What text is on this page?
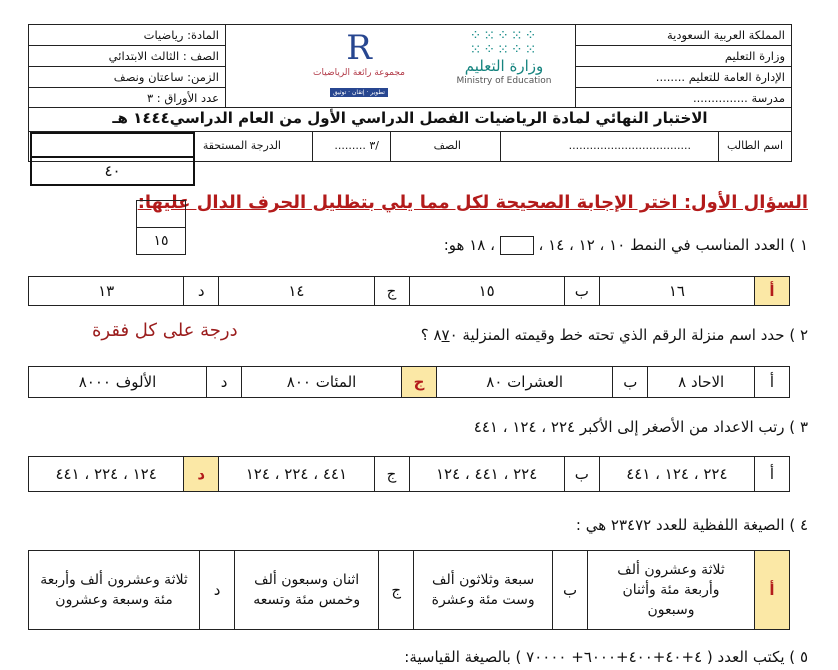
المملكة العربية السعودية
وزارة التعليم
الإدارة العامة للتعليم ........
مدرسة ...............
⁘⁙⁘⁙⁘
⁙⁘⁙⁘⁙
وزارة التعليم
Ministry of Education
R
مجموعة رائعة الرياضيات
تطوير · إتقان · توثيق
المادة: رياضيات
الصف : الثالث الابتدائي
الزمن: ساعتان ونصف
عدد الأوراق : ٣
الاختبار النهائي لمادة الرياضيات الفصل الدراسي الأول من العام الدراسي١٤٤٤ هـ
اسم الطالب
...................................
الصف
/٣ .........
الدرجة المستحقة
٤٠
السؤال الأول: اختر الإجابة الصحيحة لكل مما يلي بتظليل الحرف الدال عليها:
١٥	١ ) العدد المناسب في النمط ١٠ ، ١٢ ، ١٤ ،  ، ١٨ هو:
أ	١٦	ب	١٥	ج	١٤	د	١٣
٢ ) حدد اسم منزلة الرقم الذي تحته خط وقيمته المنزلية ٨٧٠ ؟
درجة على كل فقرة
أ	الاحاد ٨	ب	العشرات ٨٠	ج	المئات ٨٠٠	د	الألوف ٨٠٠٠
٣ ) رتب الاعداد من الأصغر إلى الأكبر ٢٢٤ ، ١٢٤ ، ٤٤١
أ	٢٢٤ ، ١٢٤ ، ٤٤١	ب	٢٢٤ ، ٤٤١ ، ١٢٤	ج	٤٤١ ، ٢٢٤ ، ١٢٤	د	١٢٤ ، ٢٢٤ ، ٤٤١
٤ ) الصيغة اللفظية للعدد ٢٣٤٧٢ هي :
أ	ثلاثة وعشرون ألف وأربعة مئة وأثنان وسبعون	ب	سبعة وثلاثون ألف وست مئة وعشرة	ج	اثنان وسبعون ألف وخمس مئة وتسعه	د	ثلاثة وعشرون ألف وأربعة مئة وسبعة وعشرون
٥ ) يكتب العدد ( ٤+٤٠+٤٠٠+٦٠٠٠+ ٧٠٠٠٠ ) بالصيغة القياسية:
